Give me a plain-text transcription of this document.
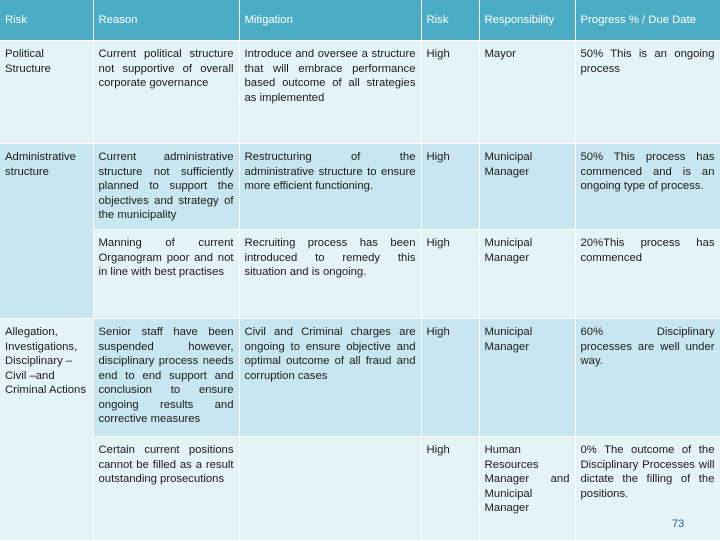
Risk	Reason	Mitigation	Risk	Responsibility	Progress % / Due Date
Political Structure	Current political structure not supportive of overall corporate governance	Introduce and oversee a structure that will embrace performance based outcome of all strategies as implemented	High	Mayor	50% This is an ongoing process
Administrative structure	Current administrative structure not sufficiently planned to support the objectives and strategy of the municipality	Restructuring of the administrative structure to ensure more efficient functioning.	High	Municipal Manager	50% This process has commenced and is an ongoing type of process.
	Manning of current Organogram poor and not in line with best practises	Recruiting process has been introduced to remedy this situation and is ongoing.	High	Municipal Manager	20%This process has commenced
Allegation, Investigations, Disciplinary – Civil –and Criminal Actions	Senior staff have been suspended however, disciplinary process needs end to end support and conclusion to ensure ongoing results and corrective measures	Civil and Criminal charges are ongoing to ensure objective and optimal outcome of all fraud and corruption cases	High	Municipal Manager	60% Disciplinary processes are well under way.
	Certain current positions cannot be filled as a result outstanding prosecutions		High	Human Resources Manager and Municipal Manager	0% The outcome of the Disciplinary Processes will dictate the filling of the positions.
73
